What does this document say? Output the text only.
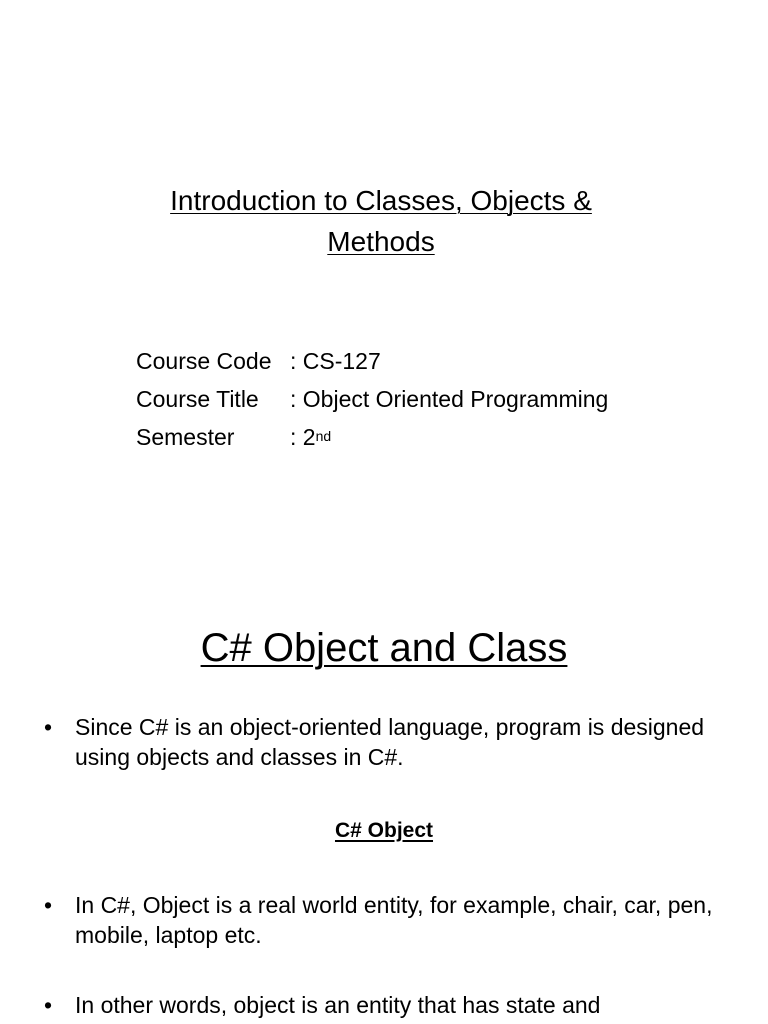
Introduction to Classes, Objects &
Methods
Course Code : CS-127
Course Title	: Object Oriented Programming
Semester	: 2nd
C# Object and Class
• Since C# is an object-oriented language, program is designed using objects and classes in C#.

C# Object

• In C#, Object is a real world entity, for example, chair, car, pen, mobile, laptop etc.
• In other words, object is an entity that has state and
